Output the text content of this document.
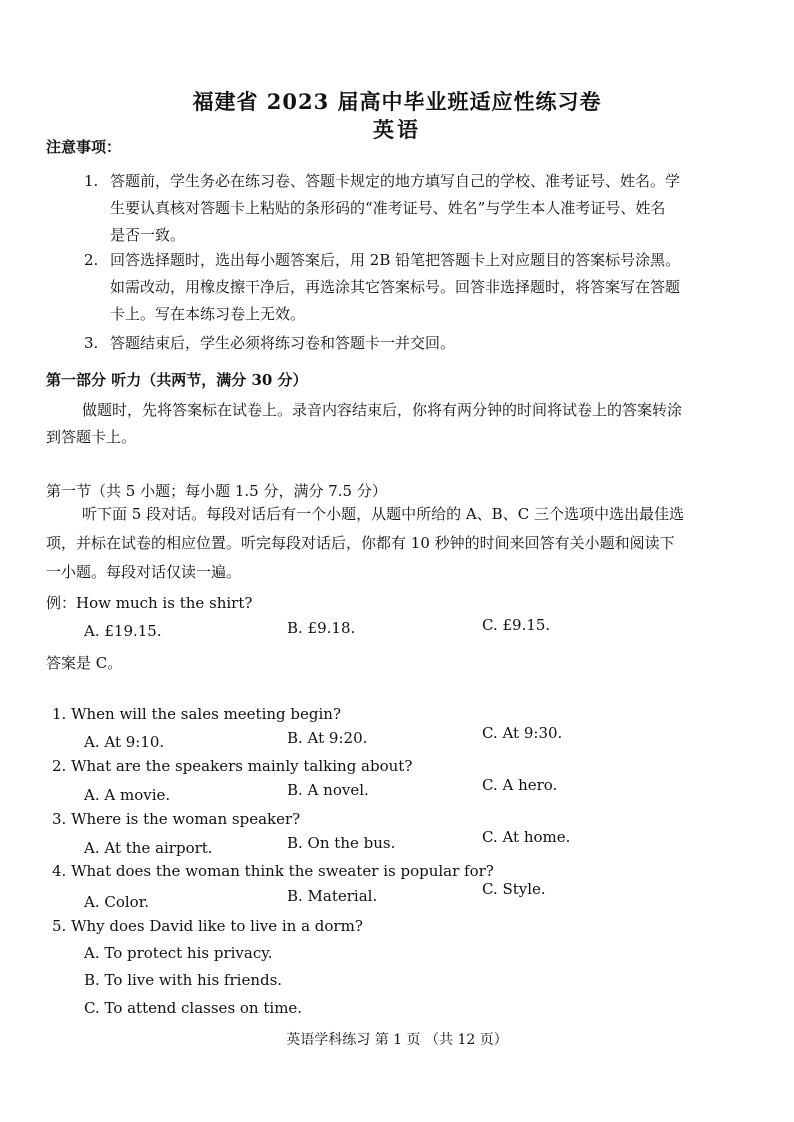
福建省 2023 届高中毕业班适应性练习卷
英语
注意事项：
1. 答题前，学生务必在练习卷、答题卡规定的地方填写自己的学校、准考证号、姓名。学
生要认真核对答题卡上粘贴的条形码的“准考证号、姓名”与学生本人准考证号、姓名
是否一致。
2. 回答选择题时，选出每小题答案后，用 2B 铅笔把答题卡上对应题目的答案标号涂黑。
如需改动，用橡皮擦干净后，再选涂其它答案标号。回答非选择题时，将答案写在答题
卡上。写在本练习卷上无效。
3. 答题结束后，学生必须将练习卷和答题卡一并交回。
第一部分 听力（共两节，满分 30 分）
做题时，先将答案标在试卷上。录音内容结束后，你将有两分钟的时间将试卷上的答案转涂
到答题卡上。
第一节（共 5 小题；每小题 1.5 分，满分 7.5 分）
听下面 5 段对话。每段对话后有一个小题，从题中所给的 A、B、C 三个选项中选出最佳选
项，并标在试卷的相应位置。听完每段对话后，你都有 10 秒钟的时间来回答有关小题和阅读下
一小题。每段对话仅读一遍。
例：How much is the shirt?
A. £19.15.	B. £9.18.	C. £9.15.
答案是 C。
1. When will the sales meeting begin?
A. At 9:10.	B. At 9:20.	C. At 9:30.
2. What are the speakers mainly talking about?
A. A movie.	B. A novel.	C. A hero.
3. Where is the woman speaker?
A. At the airport.	B. On the bus.	C. At home.
4. What does the woman think the sweater is popular for?
A. Color.	B. Material.	C. Style.
5. Why does David like to live in a dorm?
A. To protect his privacy.
B. To live with his friends.
C. To attend classes on time.
英语学科练习 第 1 页 （共 12 页）
